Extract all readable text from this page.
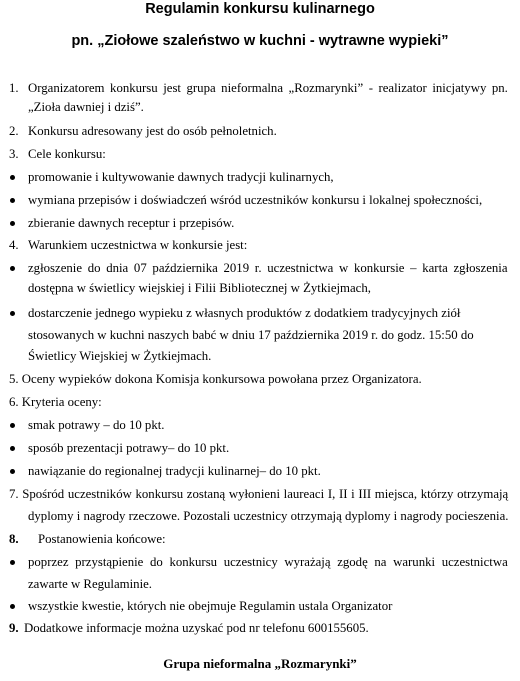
Regulamin konkursu kulinarnego
pn. „Ziołowe szaleństwo w kuchni - wytrawne wypieki”
1. Organizatorem konkursu jest grupa nieformalna „Rozmarynki” - realizator inicjatywy pn.
„Zioła dawniej i dziś”.
2. Konkursu adresowany jest do osób pełnoletnich.
3. Cele konkursu:
promowanie i kultywowanie dawnych tradycji kulinarnych,
wymiana przepisów i doświadczeń wśród uczestników konkursu i lokalnej społeczności,
zbieranie dawnych receptur i przepisów.
4. Warunkiem uczestnictwa w konkursie jest:
zgłoszenie do dnia 07 października 2019 r. uczestnictwa w konkursie – karta zgłoszenia
dostępna w świetlicy wiejskiej i Filii Bibliotecznej w Żytkiejmach,
dostarczenie jednego wypieku z własnych produktów z dodatkiem tradycyjnych ziół
stosowanych w kuchni naszych babć w dniu 17 października 2019 r. do godz. 15:50 do
Świetlicy Wiejskiej w Żytkiejmach.
5. Oceny wypieków dokona Komisja konkursowa powołana przez Organizatora.
6. Kryteria oceny:
smak potrawy – do 10 pkt.
sposób prezentacji potrawy– do 10 pkt.
nawiązanie do regionalnej tradycji kulinarnej– do 10 pkt.
7. Spośród uczestników konkursu zostaną wyłonieni laureaci I, II i III miejsca, którzy otrzymają
dyplomy i nagrody rzeczowe. Pozostali uczestnicy otrzymają dyplomy i nagrody pocieszenia.
8. Postanowienia końcowe:
poprzez przystąpienie do konkursu uczestnicy wyrażają zgodę na warunki uczestnictwa
zawarte w Regulaminie.
wszystkie kwestie, których nie obejmuje Regulamin ustala Organizator
9. Dodatkowe informacje można uzyskać pod nr telefonu 600155605.
Grupa nieformalna „Rozmarynki”
